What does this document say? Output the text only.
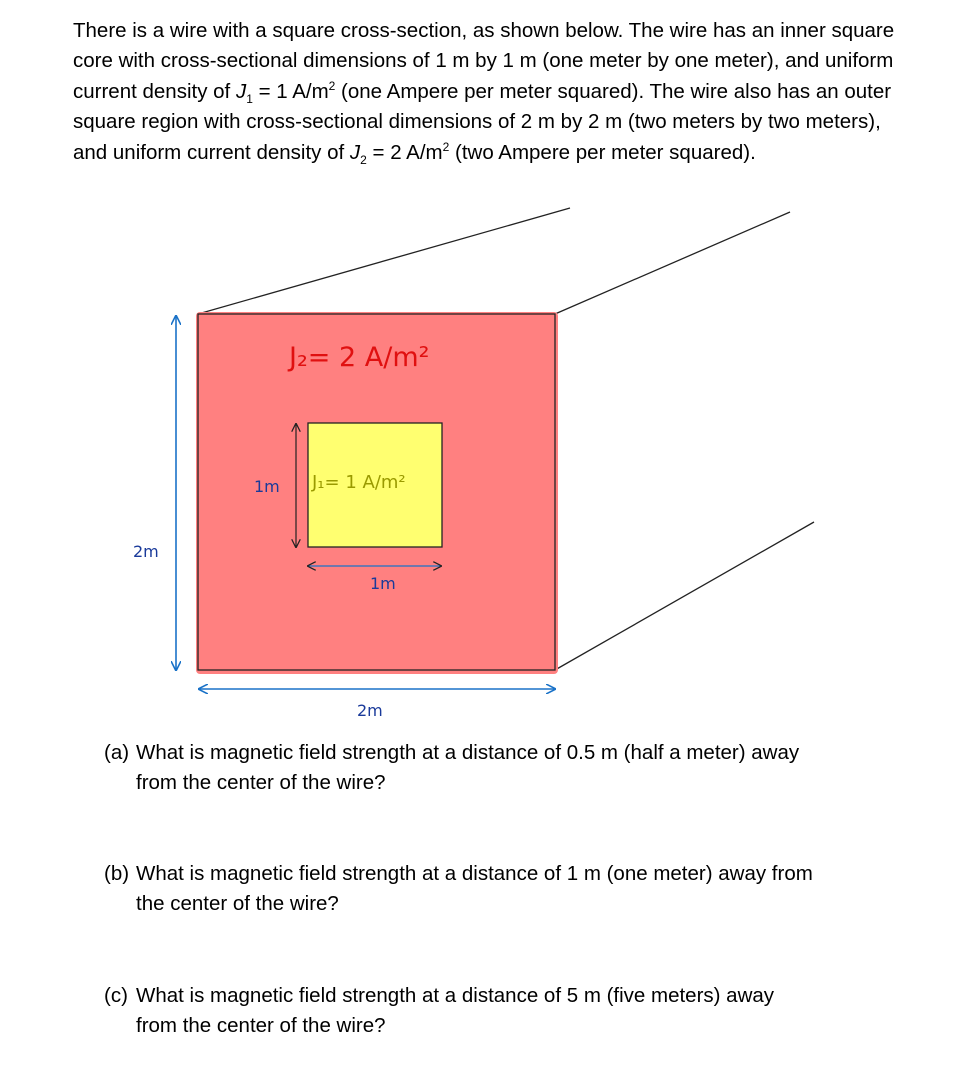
There is a wire with a square cross-section, as shown below. The wire has an inner square core with cross-sectional dimensions of 1 m by 1 m (one meter by one meter), and uniform current density of $J_1 = 1$ $A/m^2$ (one Ampere per meter squared). The wire also has an outer square region with cross-sectional dimensions of 2 m by 2 m (two meters by two meters), and uniform current density of $J_2 = 2$ $A/m^2$ (two Ampere per meter squared).

J₂= 2 A/m²
J₁= 1 A/m²
1m
1m
2m
2m
(a) What is magnetic field strength at a distance of 0.5 m (half a meter) away
from the center of the wire?
(b) What is magnetic field strength at a distance of 1 m (one meter) away from
the center of the wire?
(c) What is magnetic field strength at a distance of 5 m (five meters) away
from the center of the wire?
